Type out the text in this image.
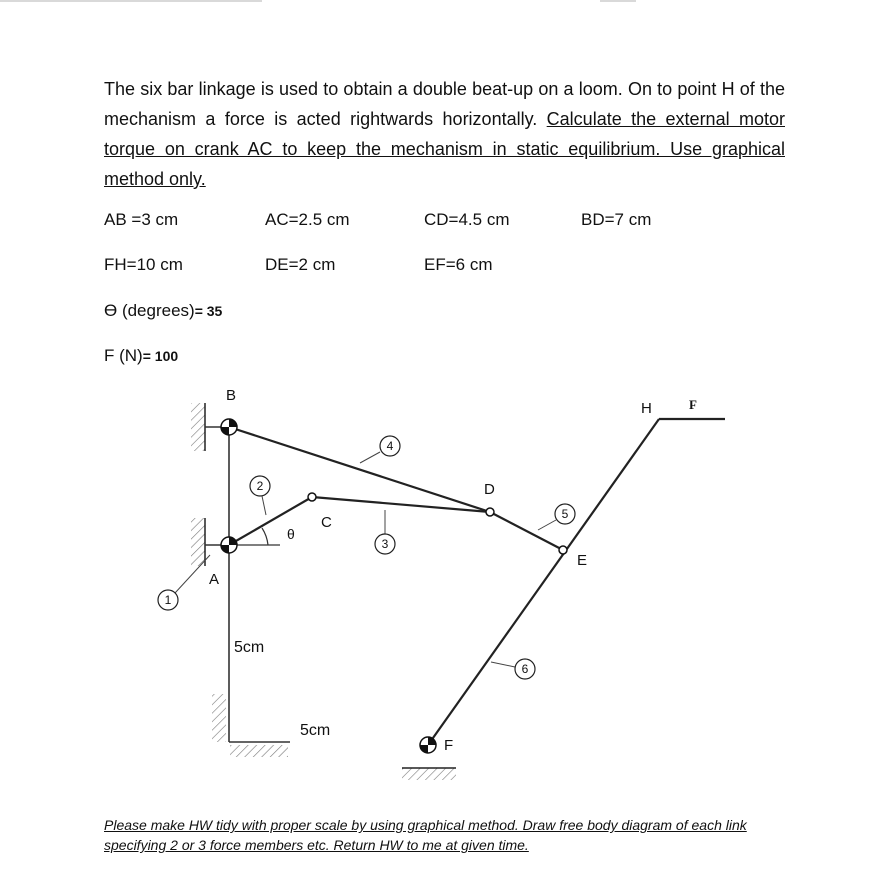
The six bar linkage is used to obtain a double beat-up on a loom. On to point H of the mechanism a force is acted rightwards horizontally. Calculate the external motor torque on crank AC to keep the mechanism in static equilibrium. Use graphical method only.

AB =3 cm	AC=2.5 cm	CD=4.5 cm	BD=7 cm

FH=10 cm	DE=2 cm	EF=6 cm

ϴ (degrees)= 35

F (N)= 100

1
2
3
4
5
6
B
A
C
D
E
F
H
θ
5cm
5cm
F

Please make HW tidy with proper scale by using graphical method. Draw free body diagram of each link specifying 2 or 3 force members etc. Return HW to me at given time.
